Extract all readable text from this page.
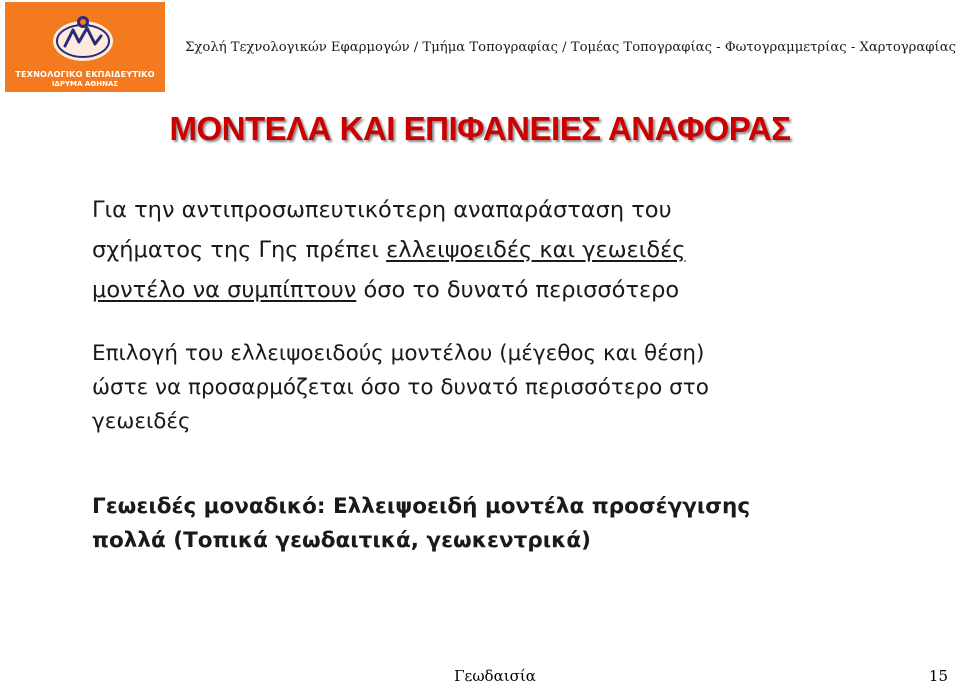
ΤΕΧΝΟΛΟΓΙΚΟ ΕΚΠΑΙΔΕΥΤΙΚΟ
ΙΔΡΥΜΑ ΑΘΗΝΑΣ
Σχολή Τεχνολογικών Εφαρμογών / Τμήμα Τοπογραφίας / Τομέας Τοπογραφίας - Φωτογραμμετρίας - Χαρτογραφίας
ΜΟΝΤΕΛΑ ΚΑΙ ΕΠΙΦΑΝΕΙΕΣ ΑΝΑΦΟΡΑΣ
Για την αντιπροσωπευτικότερη αναπαράσταση του
σχήματος της Γης πρέπει ελλειψοειδές και γεωειδές
μοντέλο να συμπίπτουν όσο το δυνατό περισσότερο
Επιλογή του ελλειψοειδούς μοντέλου (μέγεθος και θέση)
ώστε να προσαρμόζεται όσο το δυνατό περισσότερο στο
γεωειδές
Γεωειδές μοναδικό: Ελλειψοειδή μοντέλα προσέγγισης
πολλά (Τοπικά γεωδαιτικά, γεωκεντρικά)
Γεωδαισία	15
